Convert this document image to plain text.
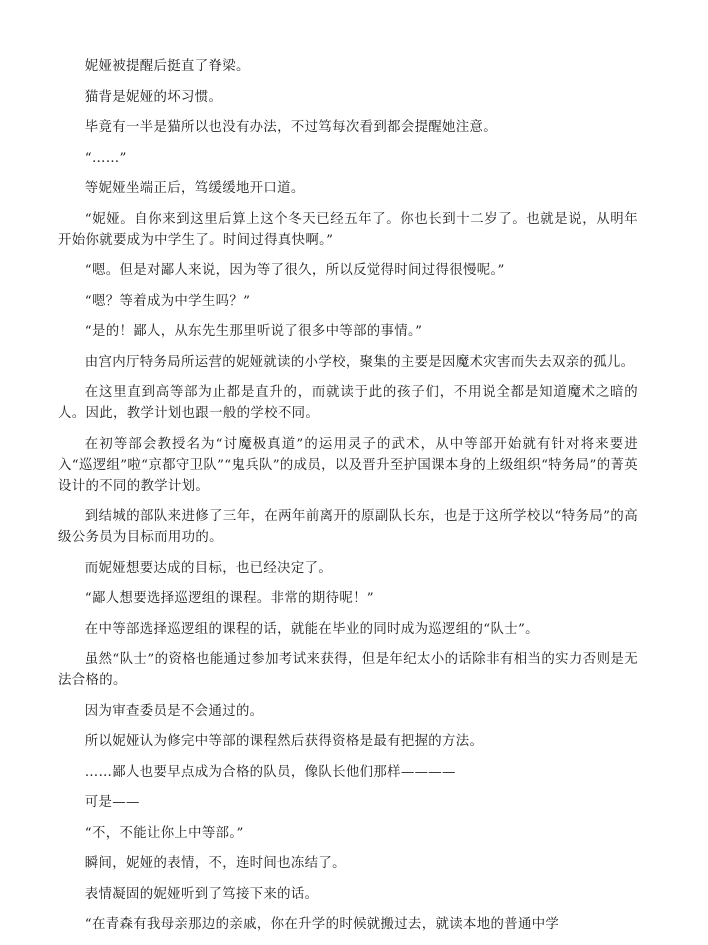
妮娅被提醒后挺直了脊梁。

猫背是妮娅的坏习惯。

毕竟有一半是猫所以也没有办法，不过笃每次看到都会提醒她注意。

“……”

等妮娅坐端正后，笃缓缓地开口道。

“妮娅。自你来到这里后算上这个冬天已经五年了。你也长到十二岁了。也就是说，从明年开始你就要成为中学生了。时间过得真快啊。”

“嗯。但是对鄙人来说，因为等了很久，所以反觉得时间过得很慢呢。”

“嗯？等着成为中学生吗？”

“是的！鄙人，从东先生那里听说了很多中等部的事情。”

由宫内厅特务局所运营的妮娅就读的小学校，聚集的主要是因魔术灾害而失去双亲的孤儿。

在这里直到高等部为止都是直升的，而就读于此的孩子们，不用说全都是知道魔术之暗的人。因此，教学计划也跟一般的学校不同。

在初等部会教授名为“讨魔极真道”的运用灵子的武术，从中等部开始就有针对将来要进入“巡逻组”啦“京都守卫队”“鬼兵队”的成员，以及晋升至护国课本身的上级组织“特务局”的菁英设计的不同的教学计划。

到结城的部队来进修了三年，在两年前离开的原副队长东，也是于这所学校以“特务局”的高级公务员为目标而用功的。

而妮娅想要达成的目标，也已经决定了。

“鄙人想要选择巡逻组的课程。非常的期待呢！”

在中等部选择巡逻组的课程的话，就能在毕业的同时成为巡逻组的“队士”。

虽然“队士”的资格也能通过参加考试来获得，但是年纪太小的话除非有相当的实力否则是无法合格的。

因为审查委员是不会通过的。

所以妮娅认为修完中等部的课程然后获得资格是最有把握的方法。

……鄙人也要早点成为合格的队员，像队长他们那样————

可是——

“不，不能让你上中等部。”

瞬间，妮娅的表情，不，连时间也冻结了。

表情凝固的妮娅听到了笃接下来的话。

“在青森有我母亲那边的亲戚，你在升学的时候就搬过去，就读本地的普通中学
